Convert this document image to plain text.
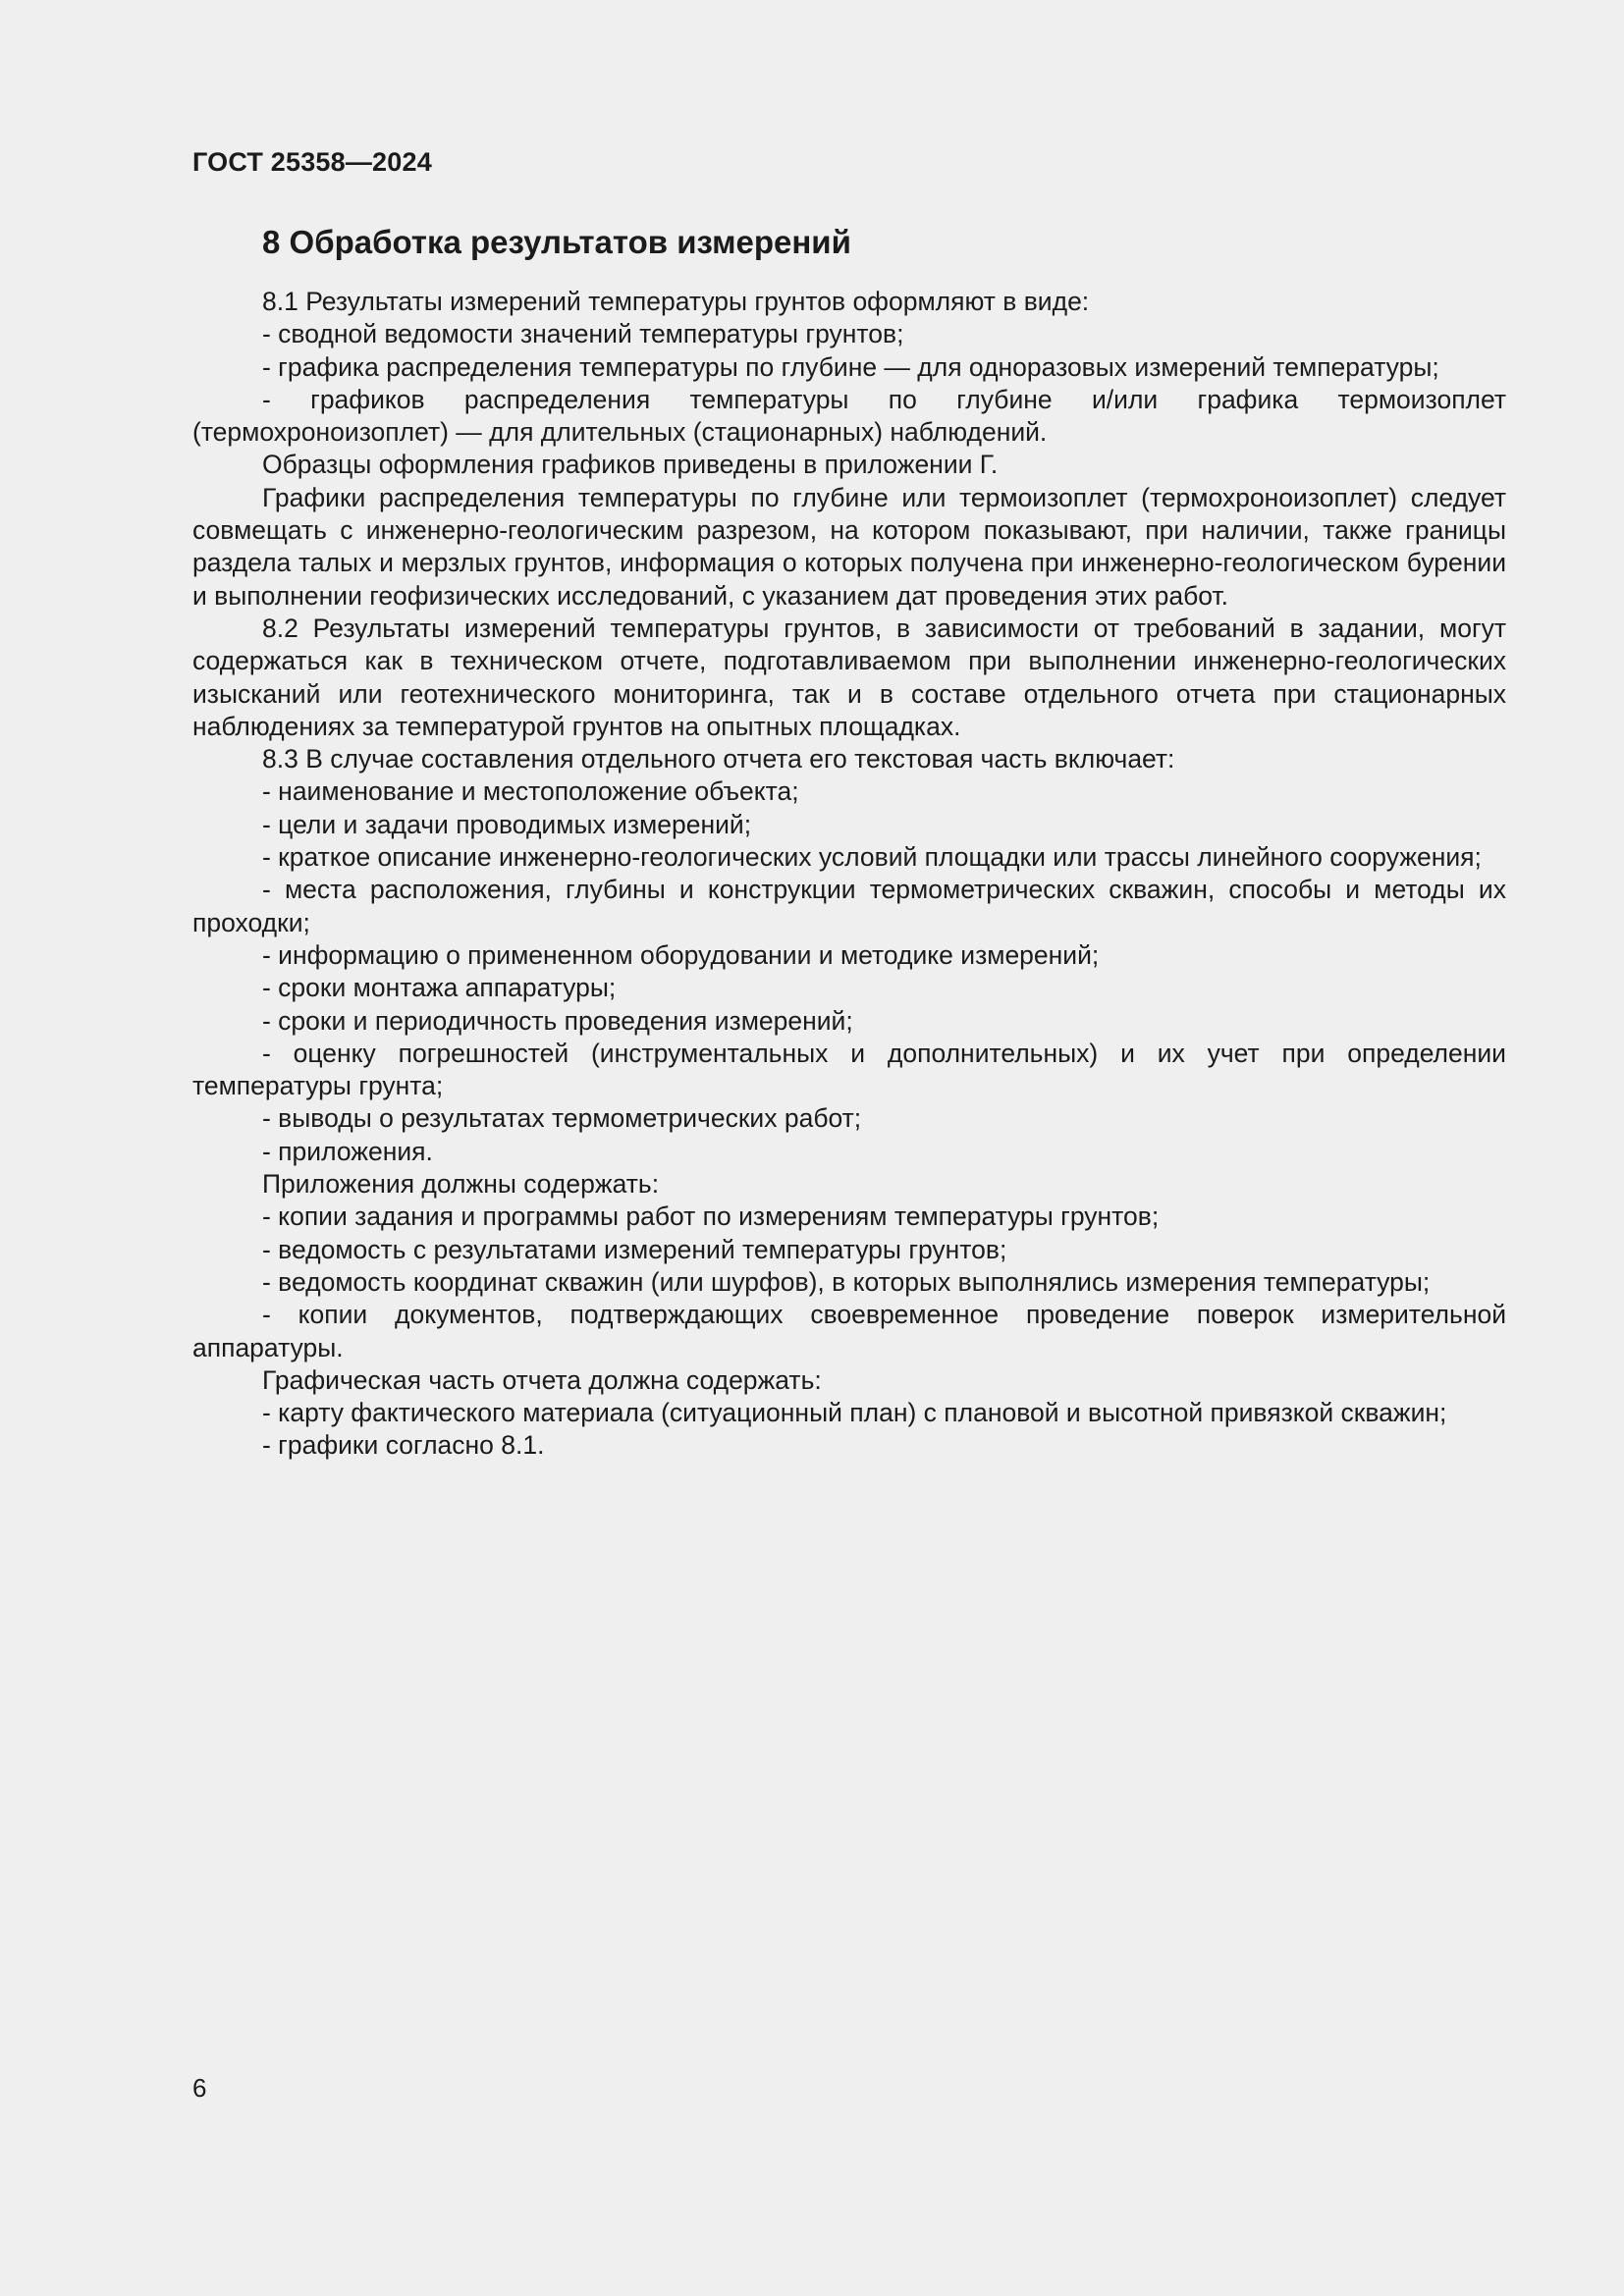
ГОСТ 25358—2024
8 Обработка результатов измерений

8.1 Результаты измерений температуры грунтов оформляют в виде:

- сводной ведомости значений температуры грунтов;

- графика распределения температуры по глубине — для одноразовых измерений температуры;

- графиков распределения температуры по глубине и/или графика термоизоплет (термохроноизоплет) — для длительных (стационарных) наблюдений.

Образцы оформления графиков приведены в приложении Г.

Графики распределения температуры по глубине или термоизоплет (термохроноизоплет) следует совмещать с инженерно-геологическим разрезом, на котором показывают, при наличии, также границы раздела талых и мерзлых грунтов, информация о которых получена при инженерно-геологическом бурении и выполнении геофизических исследований, с указанием дат проведения этих работ.

8.2 Результаты измерений температуры грунтов, в зависимости от требований в задании, могут содержаться как в техническом отчете, подготавливаемом при выполнении инженерно-геологических изысканий или геотехнического мониторинга, так и в составе отдельного отчета при стационарных наблюдениях за температурой грунтов на опытных площадках.

8.3 В случае составления отдельного отчета его текстовая часть включает:

- наименование и местоположение объекта;

- цели и задачи проводимых измерений;

- краткое описание инженерно-геологических условий площадки или трассы линейного сооружения;

- места расположения, глубины и конструкции термометрических скважин, способы и методы их проходки;

- информацию о примененном оборудовании и методике измерений;

- сроки монтажа аппаратуры;

- сроки и периодичность проведения измерений;

- оценку погрешностей (инструментальных и дополнительных) и их учет при определении температуры грунта;

- выводы о результатах термометрических работ;

- приложения.

Приложения должны содержать:

- копии задания и программы работ по измерениям температуры грунтов;

- ведомость с результатами измерений температуры грунтов;

- ведомость координат скважин (или шурфов), в которых выполнялись измерения температуры;

- копии документов, подтверждающих своевременное проведение поверок измерительной аппаратуры.

Графическая часть отчета должна содержать:

- карту фактического материала (ситуационный план) с плановой и высотной привязкой скважин;

- графики согласно 8.1.

6
